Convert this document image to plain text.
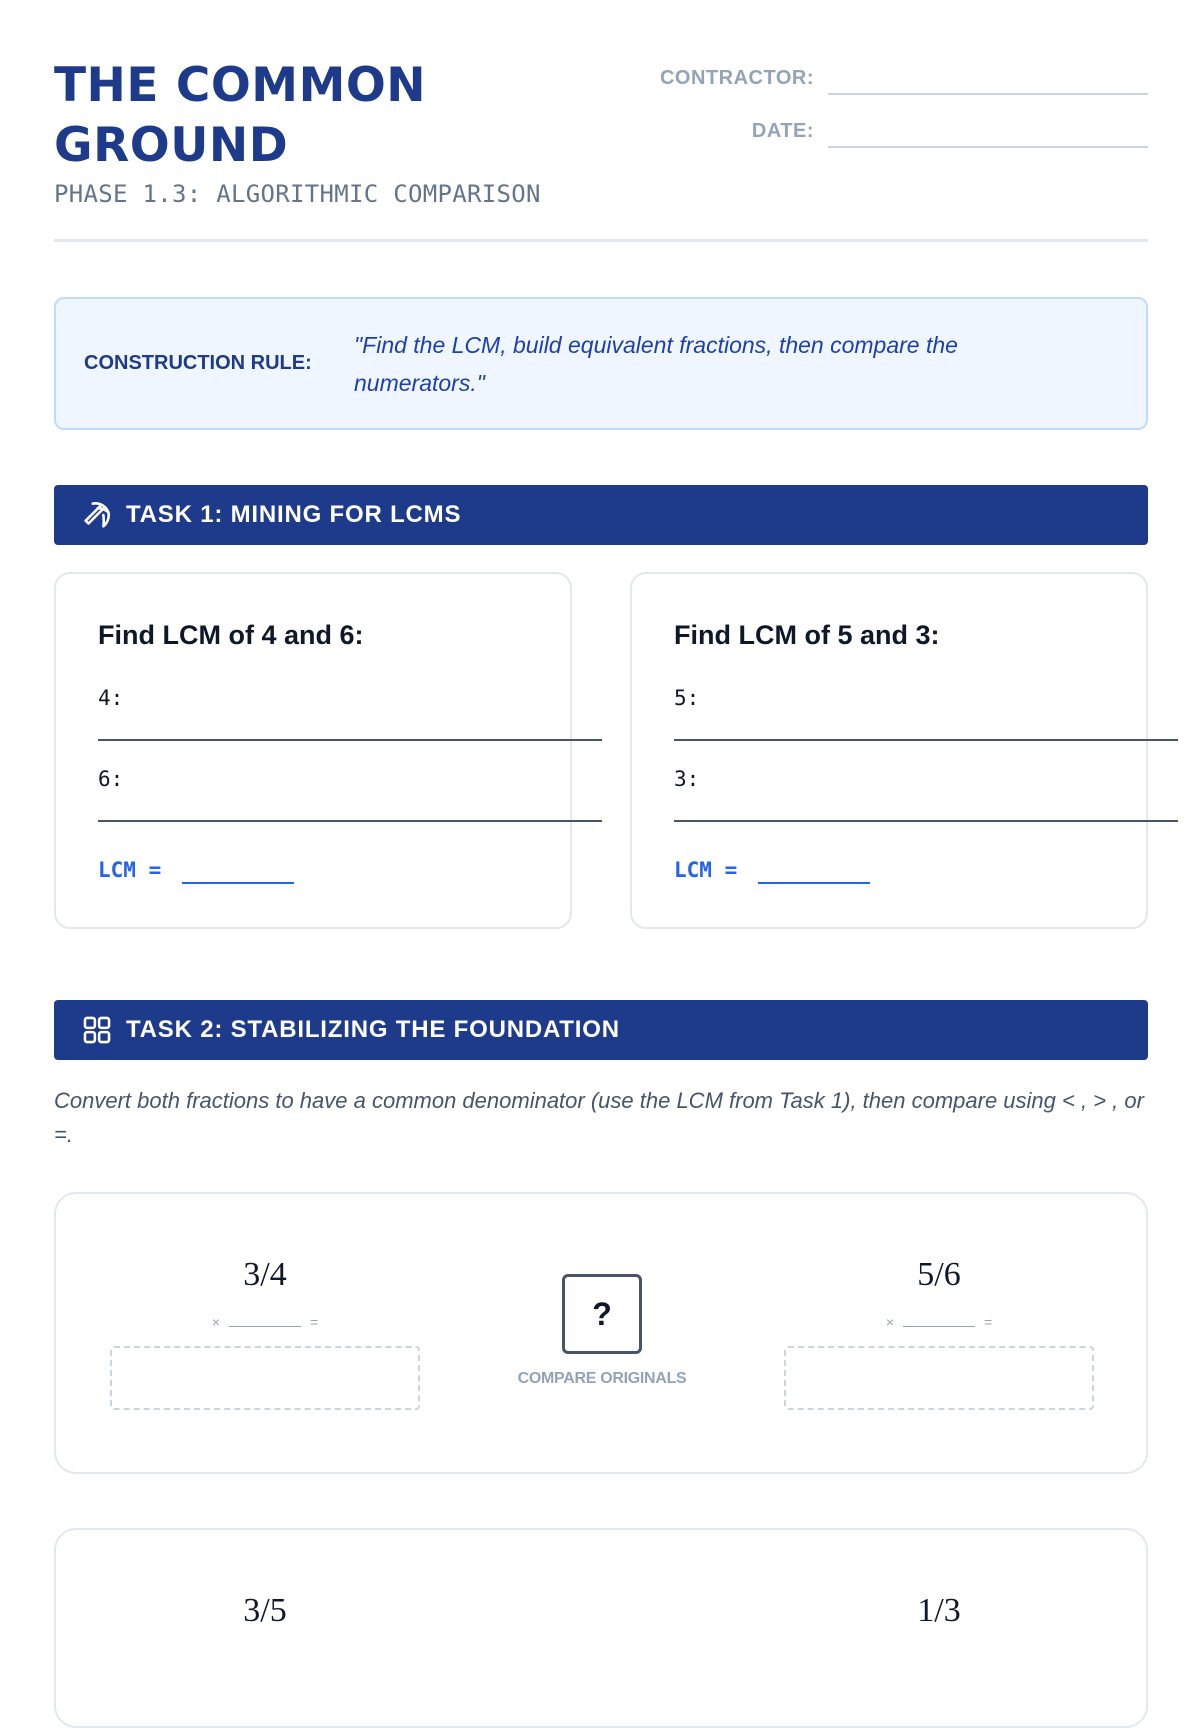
THE COMMON
GROUND
PHASE 1.3: ALGORITHMIC COMPARISON
CONTRACTOR:
DATE:
CONSTRUCTION RULE:
"Find the LCM, build equivalent fractions, then compare the numerators."
TASK 1: MINING FOR LCMS
Find LCM of 4 and 6:
4:
6:
LCM =
Find LCM of 5 and 3:
5:
3:
LCM =
TASK 2: STABILIZING THE FOUNDATION
Convert both fractions to have a common denominator (use the LCM from Task 1), then compare using < , > , or =.
3/4
×	=	?
COMPARE ORIGINALS
5/6
×	=
3/5	1/3
